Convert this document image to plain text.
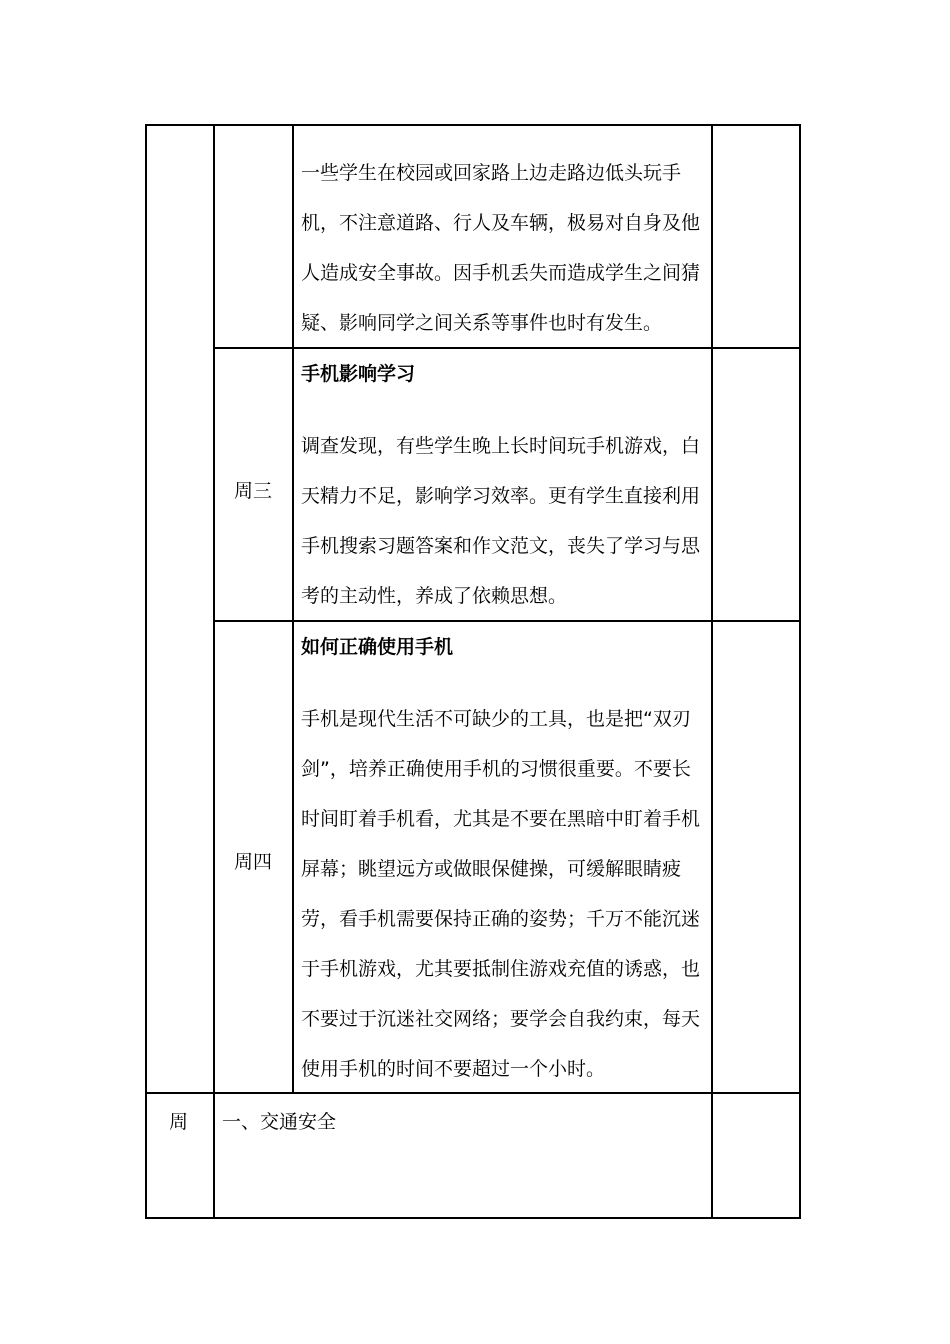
一些学生在校园或回家路上边走路边低头玩手
机，不注意道路、行人及车辆，极易对自身及他
人造成安全事故。因手机丢失而造成学生之间猜
疑、影响同学之间关系等事件也时有发生。
周三
手机影响学习
调查发现，有些学生晚上长时间玩手机游戏，白
天精力不足，影响学习效率。更有学生直接利用
手机搜索习题答案和作文范文，丧失了学习与思
考的主动性，养成了依赖思想。
周四
如何正确使用手机
手机是现代生活不可缺少的工具，也是把“双刃
剑”，培养正确使用手机的习惯很重要。不要长
时间盯着手机看，尤其是不要在黑暗中盯着手机
屏幕；眺望远方或做眼保健操，可缓解眼睛疲
劳，看手机需要保持正确的姿势；千万不能沉迷
于手机游戏，尤其要抵制住游戏充值的诱惑，也
不要过于沉迷社交网络；要学会自我约束，每天
使用手机的时间不要超过一个小时。
周 一、交通安全
